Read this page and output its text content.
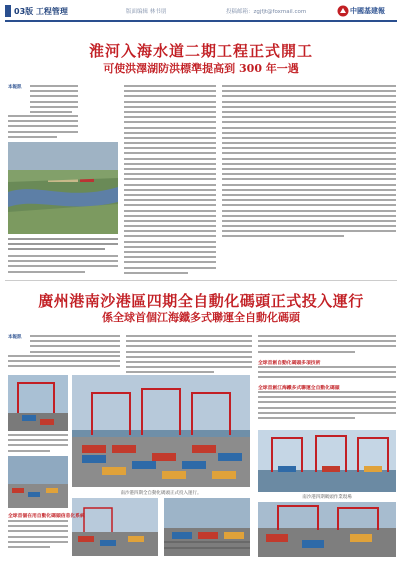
03版 工程管理	版面编辑 林书朋	投稿邮箱：zgjfjt@foxmail.com	中國基建報
淮河入海水道二期工程正式開工
可使洪澤湖防洪標準提高到 300 年一遇
本報訊
廣州港南沙港區四期全自動化碼頭正式投入運行
係全球首個江海鐵多式聯運全自動化碼頭
本報訊
全球首創自動化碼頭多項技術
全球首創江海鐵多式聯運全自動化碼頭
南沙港四期全自動化碼頭正式投入運行。
南沙港四期碼頭作業現場
全球首個在用自動化碼頭信息化系統
